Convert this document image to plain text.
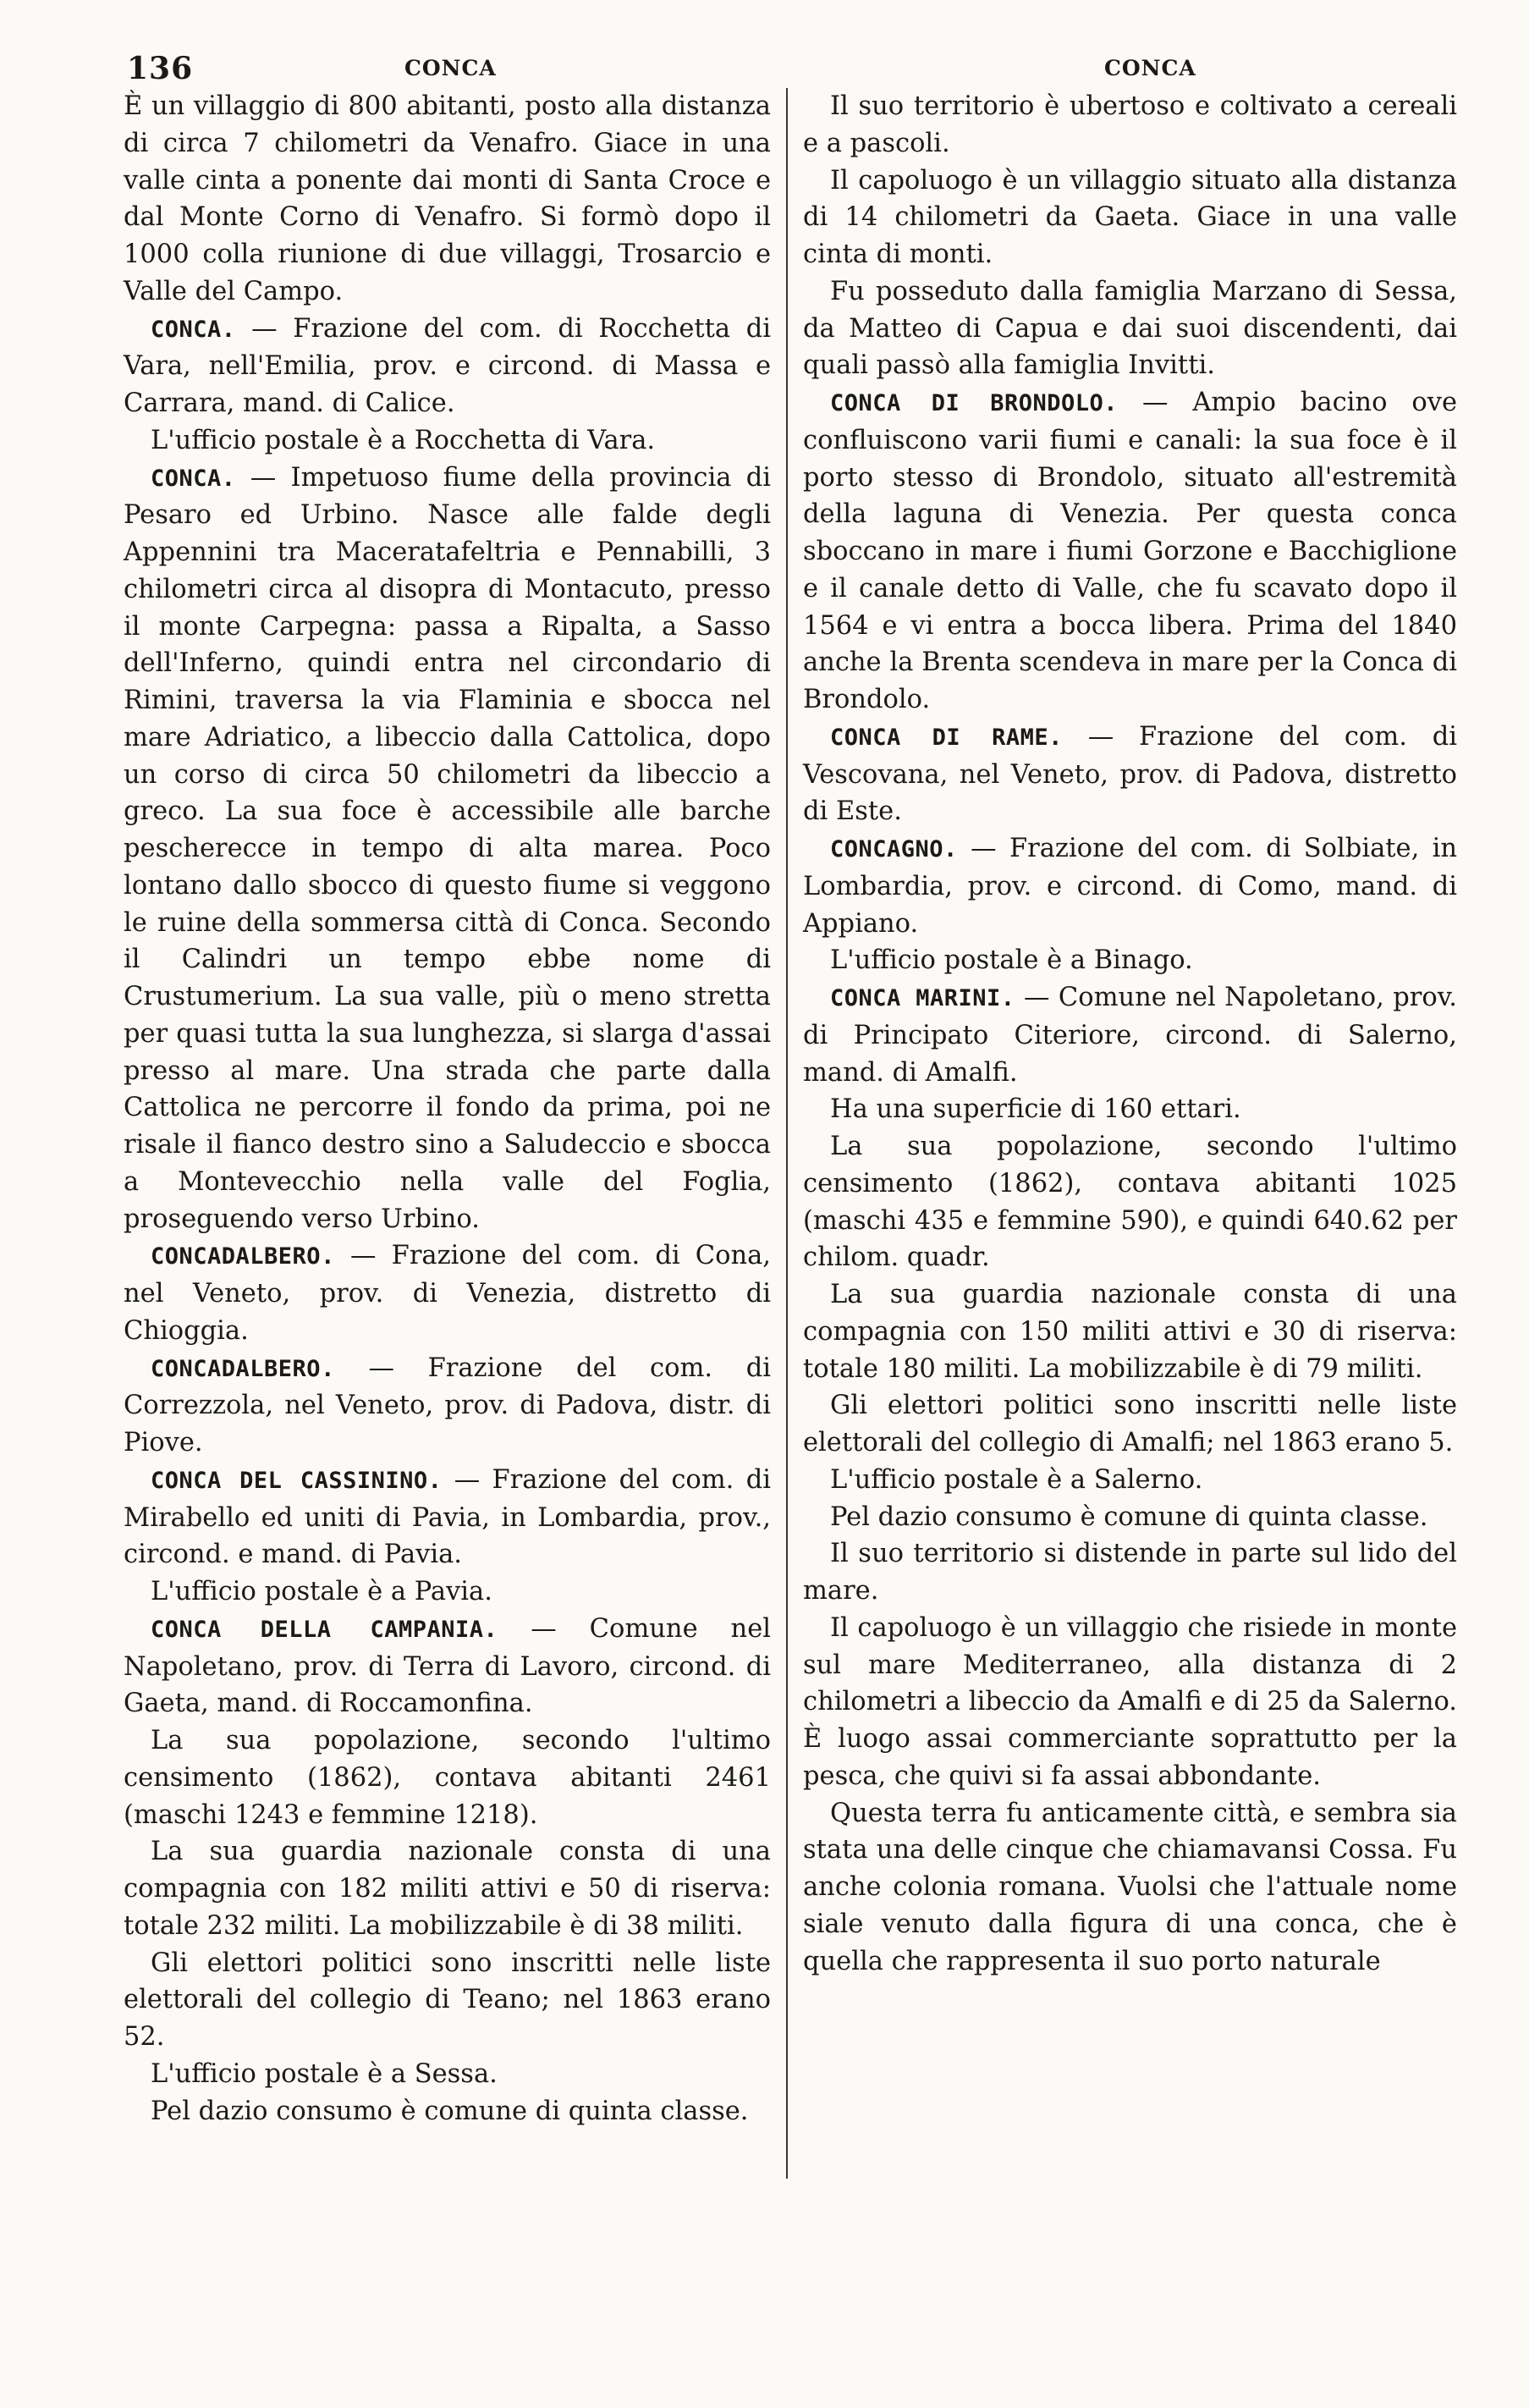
136	CONCA	CONCA

È un villaggio di 800 abitanti, posto alla distanza di circa 7 chilometri da Venafro. Giace in una valle cinta a ponente dai monti di Santa Croce e dal Monte Corno di Venafro. Si formò dopo il 1000 colla riunione di due villaggi, Trosarcio e Valle del Campo.

CONCA. — Frazione del com. di Rocchetta di Vara, nell'Emilia, prov. e circond. di Massa e Carrara, mand. di Calice.

L'ufficio postale è a Rocchetta di Vara.

CONCA. — Impetuoso fiume della provincia di Pesaro ed Urbino. Nasce alle falde degli Appennini tra Maceratafeltria e Pennabilli, 3 chilometri circa al disopra di Montacuto, presso il monte Carpegna: passa a Ripalta, a Sasso dell'Inferno, quindi entra nel circondario di Rimini, traversa la via Flaminia e sbocca nel mare Adriatico, a libeccio dalla Cattolica, dopo un corso di circa 50 chilometri da libeccio a greco. La sua foce è accessibile alle barche pescherecce in tempo di alta marea. Poco lontano dallo sbocco di questo fiume si veggono le ruine della sommersa città di Conca. Secondo il Calindri un tempo ebbe nome di Crustumerium. La sua valle, più o meno stretta per quasi tutta la sua lunghezza, si slarga d'assai presso al mare. Una strada che parte dalla Cattolica ne percorre il fondo da prima, poi ne risale il fianco destro sino a Saludeccio e sbocca a Montevecchio nella valle del Foglia, proseguendo verso Urbino.

CONCADALBERO. — Frazione del com. di Cona, nel Veneto, prov. di Venezia, distretto di Chioggia.

CONCADALBERO. — Frazione del com. di Correzzola, nel Veneto, prov. di Padova, distr. di Piove.

CONCA DEL CASSININO. — Frazione del com. di Mirabello ed uniti di Pavia, in Lombardia, prov., circond. e mand. di Pavia.

L'ufficio postale è a Pavia.

CONCA DELLA CAMPANIA. — Comune nel Napoletano, prov. di Terra di Lavoro, circond. di Gaeta, mand. di Roccamonfina.

La sua popolazione, secondo l'ultimo censimento (1862), contava abitanti 2461 (maschi 1243 e femmine 1218).

La sua guardia nazionale consta di una compagnia con 182 militi attivi e 50 di riserva: totale 232 militi. La mobilizzabile è di 38 militi.

Gli elettori politici sono inscritti nelle liste elettorali del collegio di Teano; nel 1863 erano 52.

L'ufficio postale è a Sessa.

Pel dazio consumo è comune di quinta classe.

Il suo territorio è ubertoso e coltivato a cereali e a pascoli.

Il capoluogo è un villaggio situato alla distanza di 14 chilometri da Gaeta. Giace in una valle cinta di monti.

Fu posseduto dalla famiglia Marzano di Sessa, da Matteo di Capua e dai suoi discendenti, dai quali passò alla famiglia Invitti.

CONCA DI BRONDOLO. — Ampio bacino ove confluiscono varii fiumi e canali: la sua foce è il porto stesso di Brondolo, situato all'estremità della laguna di Venezia. Per questa conca sboccano in mare i fiumi Gorzone e Bacchiglione e il canale detto di Valle, che fu scavato dopo il 1564 e vi entra a bocca libera. Prima del 1840 anche la Brenta scendeva in mare per la Conca di Brondolo.

CONCA DI RAME. — Frazione del com. di Vescovana, nel Veneto, prov. di Padova, distretto di Este.

CONCAGNO. — Frazione del com. di Solbiate, in Lombardia, prov. e circond. di Como, mand. di Appiano.

L'ufficio postale è a Binago.

CONCA MARINI. — Comune nel Napoletano, prov. di Principato Citeriore, circond. di Salerno, mand. di Amalfi.

Ha una superficie di 160 ettari.

La sua popolazione, secondo l'ultimo censimento (1862), contava abitanti 1025 (maschi 435 e femmine 590), e quindi 640.62 per chilom. quadr.

La sua guardia nazionale consta di una compagnia con 150 militi attivi e 30 di riserva: totale 180 militi. La mobilizzabile è di 79 militi.

Gli elettori politici sono inscritti nelle liste elettorali del collegio di Amalfi; nel 1863 erano 5.

L'ufficio postale è a Salerno.

Pel dazio consumo è comune di quinta classe.

Il suo territorio si distende in parte sul lido del mare.

Il capoluogo è un villaggio che risiede in monte sul mare Mediterraneo, alla distanza di 2 chilometri a libeccio da Amalfi e di 25 da Salerno. È luogo assai commerciante soprattutto per la pesca, che quivi si fa assai abbondante.

Questa terra fu anticamente città, e sembra sia stata una delle cinque che chiamavansi Cossa. Fu anche colonia romana. Vuolsi che l'attuale nome siale venuto dalla figura di una conca, che è quella che rappresenta il suo porto naturale
